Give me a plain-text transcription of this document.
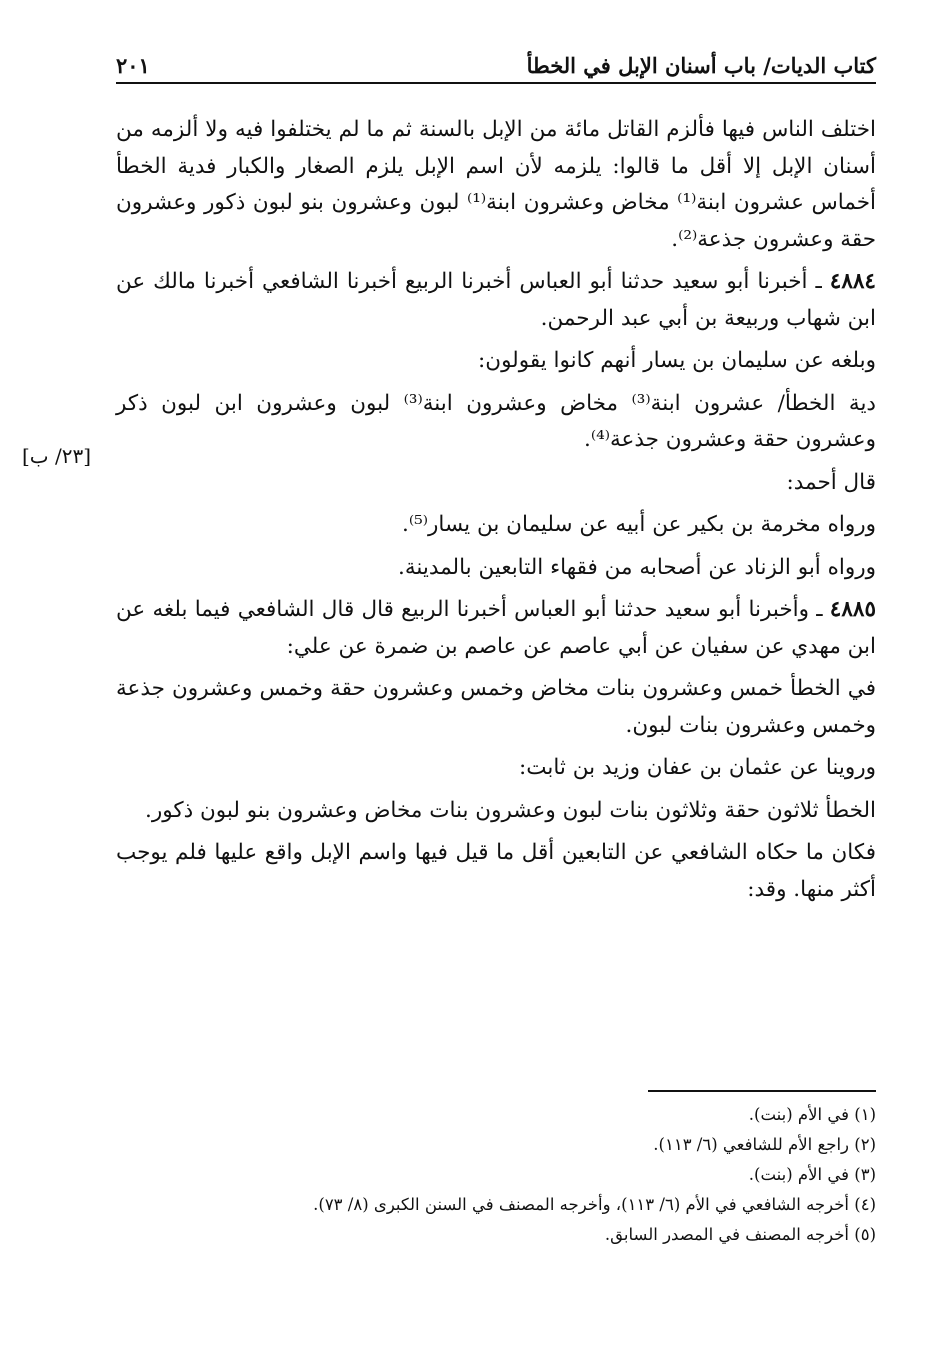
كتاب الديات/ باب أسنان الإبل في الخطأ
٢٠١

اختلف الناس فيها فألزم القاتل مائة من الإبل بالسنة ثم ما لم يختلفوا فيه ولا ألزمه من أسنان الإبل إلا أقل ما قالوا: يلزمه لأن اسم الإبل يلزم الصغار والكبار فدية الخطأ أخماس عشرون ابنة⁽¹⁾ مخاض وعشرون ابنة⁽¹⁾ لبون وعشرون بنو لبون ذكور وعشرون حقة وعشرون جذعة⁽²⁾.

٤٨٨٤ ـ أخبرنا أبو سعيد حدثنا أبو العباس أخبرنا الربيع أخبرنا الشافعي أخبرنا مالك عن ابن شهاب وربيعة بن أبي عبد الرحمن.

وبلغه عن سليمان بن يسار أنهم كانوا يقولون:

دية الخطأ/ عشرون ابنة⁽³⁾ مخاض وعشرون ابنة⁽³⁾ لبون وعشرون ابن لبون ذكر وعشرون حقة وعشرون جذعة⁽⁴⁾.

قال أحمد:

ورواه مخرمة بن بكير عن أبيه عن سليمان بن يسار⁽⁵⁾.

ورواه أبو الزناد عن أصحابه من فقهاء التابعين بالمدينة.

٤٨٨٥ ـ وأخبرنا أبو سعيد حدثنا أبو العباس أخبرنا الربيع قال قال الشافعي فيما بلغه عن ابن مهدي عن سفيان عن أبي عاصم عن عاصم بن ضمرة عن علي:

في الخطأ خمس وعشرون بنات مخاض وخمس وعشرون حقة وخمس وعشرون جذعة وخمس وعشرون بنات لبون.

وروينا عن عثمان بن عفان وزيد بن ثابت:

الخطأ ثلاثون حقة وثلاثون بنات لبون وعشرون بنات مخاض وعشرون بنو لبون ذكور.

فكان ما حكاه الشافعي عن التابعين أقل ما قيل فيها واسم الإبل واقع عليها فلم يوجب أكثر منها. وقد:

[٢٣/ ب]

(١) في الأم (بنت).

(٢) راجع الأم للشافعي (٦/ ١١٣).

(٣) في الأم (بنت).

(٤) أخرجه الشافعي في الأم (٦/ ١١٣)، وأخرجه المصنف في السنن الكبرى (٨/ ٧٣).

(٥) أخرجه المصنف في المصدر السابق.
